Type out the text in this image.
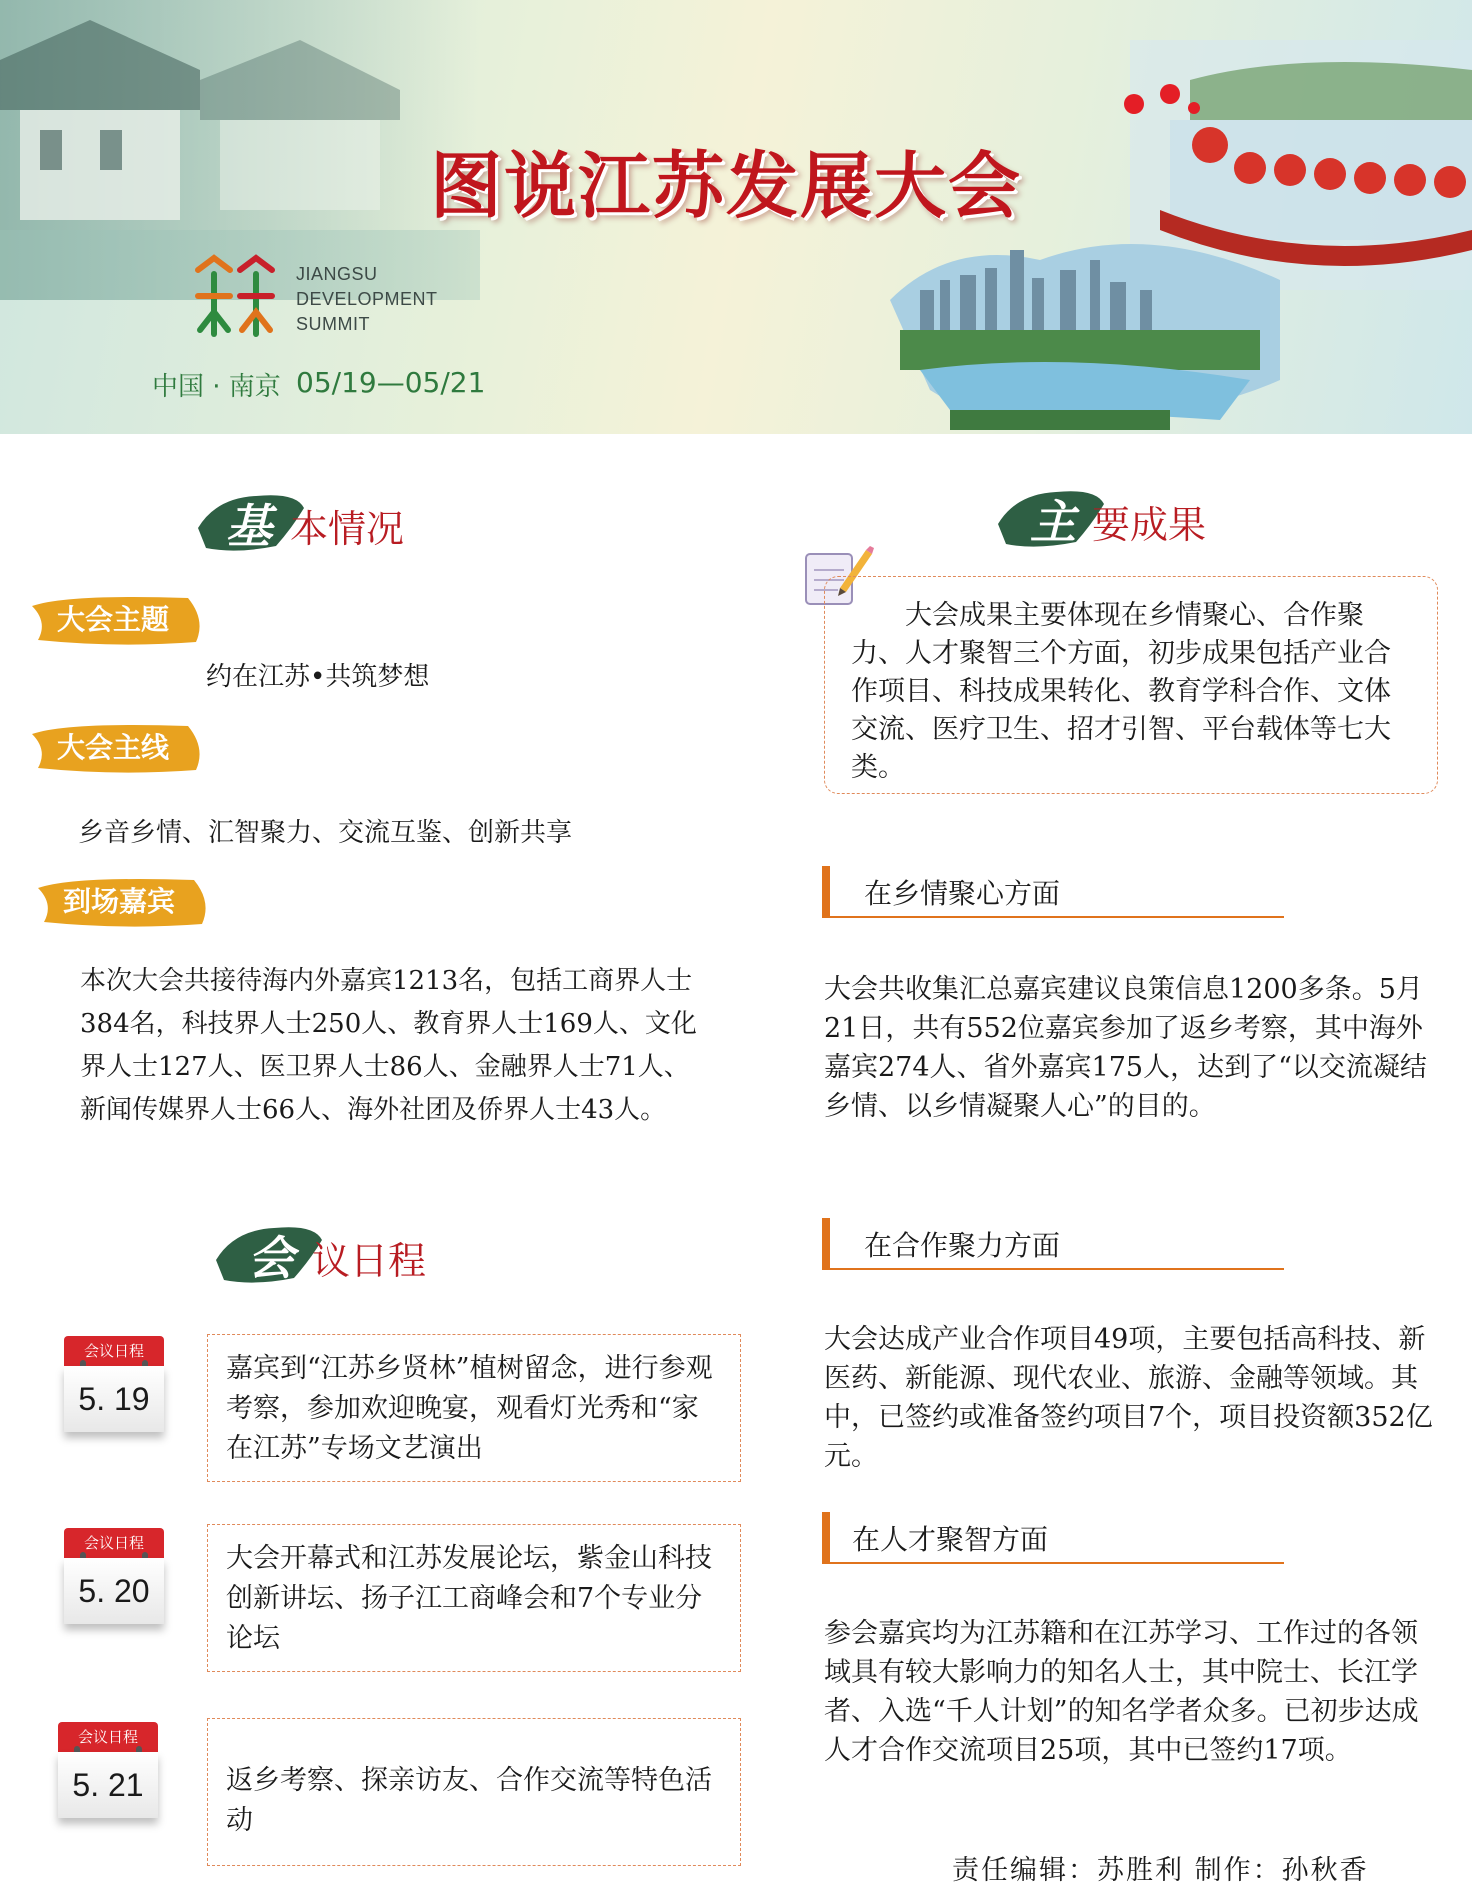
图说江苏发展大会
JIANGSU
DEVELOPMENT
SUMMIT
中国 · 南京 05/19—05/21
基 本情况
大会主题
约在江苏•共筑梦想
大会主线
乡音乡情、汇智聚力、交流互鉴、创新共享
到场嘉宾
本次大会共接待海内外嘉宾1213名，包括工商界人士384名，科技界人士250人、教育界人士169人、文化界人士127人、医卫界人士86人、金融界人士71人、新闻传媒界人士66人、海外社团及侨界人士43人。
会 议日程
会议日程
5. 19
嘉宾到“江苏乡贤林”植树留念，进行参观考察，参加欢迎晚宴，观看灯光秀和“家在江苏”专场文艺演出
会议日程
5. 20
大会开幕式和江苏发展论坛，紫金山科技创新讲坛、扬子江工商峰会和7个专业分论坛
会议日程
5. 21	返乡考察、探亲访友、合作交流等特色活动
主 要成果
大会成果主要体现在乡情聚心、合作聚力、人才聚智三个方面，初步成果包括产业合作项目、科技成果转化、教育学科合作、文体交流、医疗卫生、招才引智、平台载体等七大类。
在乡情聚心方面
大会共收集汇总嘉宾建议良策信息1200多条。5月21日，共有552位嘉宾参加了返乡考察，其中海外嘉宾274人、省外嘉宾175人，达到了“以交流凝结乡情、以乡情凝聚人心”的目的。
在合作聚力方面
大会达成产业合作项目49项，主要包括高科技、新医药、新能源、现代农业、旅游、金融等领域。其中，已签约或准备签约项目7个，项目投资额352亿元。
在人才聚智方面
参会嘉宾均为江苏籍和在江苏学习、工作过的各领域具有较大影响力的知名人士，其中院士、长江学者、入选“千人计划”的知名学者众多。已初步达成人才合作交流项目25项，其中已签约17项。
责任编辑：苏胜利 制作：孙秋香
